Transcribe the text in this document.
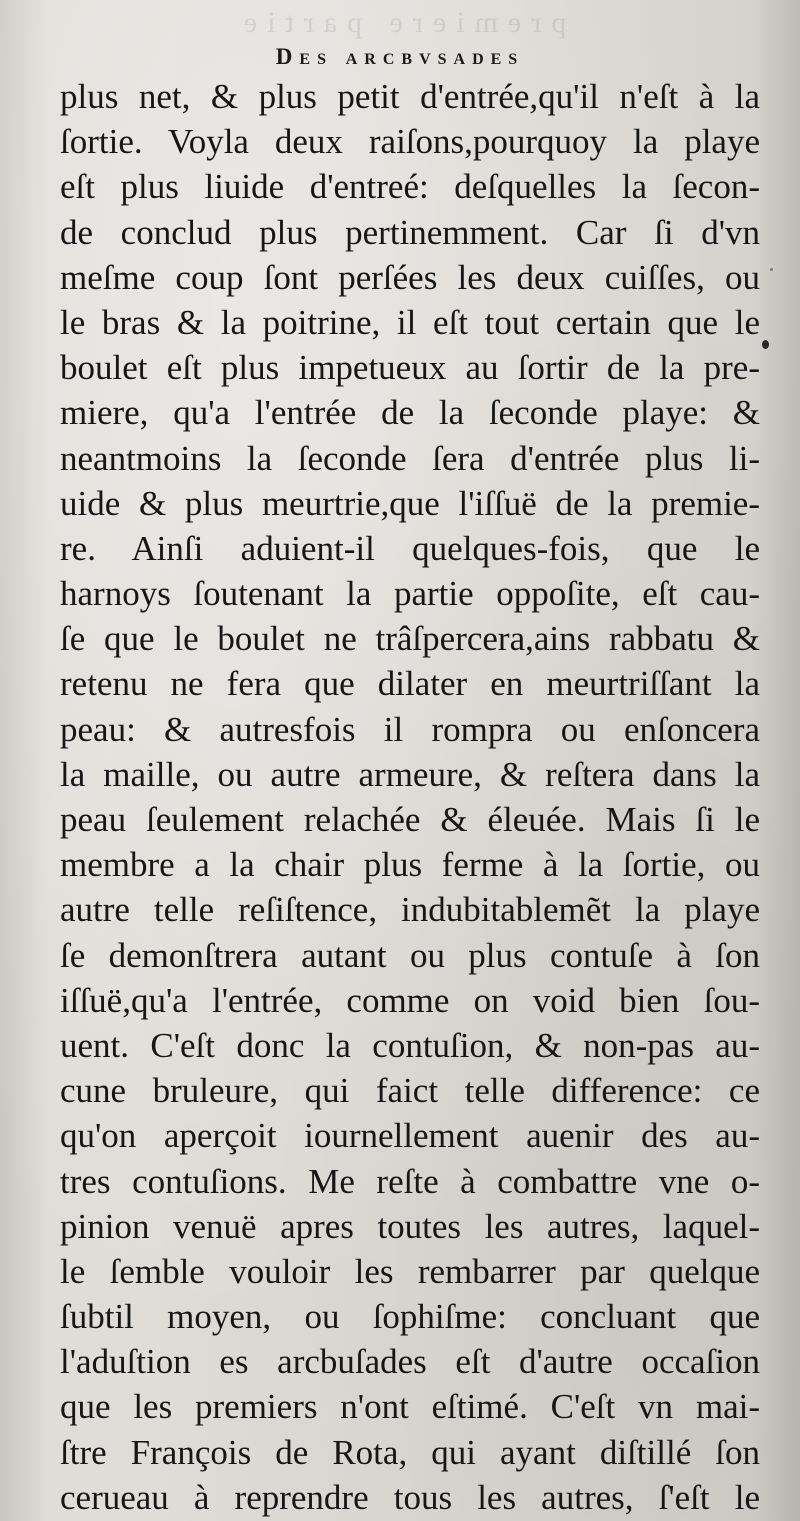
premiere partie
Des arcbvsades
plus net, & plus petit d'entrée,qu'il n'eſt à la
ſortie. Voyla deux raiſons,pourquoy la playe
eſt plus liuide d'entreé: deſquelles la ſecon-
de conclud plus pertinemment. Car ſi d'vn
meſme coup ſont perſées les deux cuiſſes, ou
le bras & la poitrine, il eſt tout certain que le
boulet eſt plus impetueux au ſortir de la pre-
miere, qu'a l'entrée de la ſeconde playe: &
neantmoins la ſeconde ſera d'entrée plus li-
uide & plus meurtrie,que l'iſſuë de la premie-
re. Ainſi aduient-il quelques-fois, que le
harnoys ſoutenant la partie oppoſite, eſt cau-
ſe que le boulet ne trâſpercera,ains rabbatu &
retenu ne fera que dilater en meurtriſſant la
peau: & autresfois il rompra ou enſoncera
la maille, ou autre armeure, & reſtera dans la
peau ſeulement relachée & éleuée. Mais ſi le
membre a la chair plus ferme à la ſortie, ou
autre telle reſiſtence, indubitablemẽt la playe
ſe demonſtrera autant ou plus contuſe à ſon
iſſuë,qu'a l'entrée, comme on void bien ſou-
uent. C'eſt donc la contuſion, & non-pas au-
cune bruleure, qui faict telle difference: ce
qu'on aperçoit iournellement auenir des au-
tres contuſions. Me reſte à combattre vne o-
pinion venuë apres toutes les autres, laquel-
le ſemble vouloir les rembarrer par quelque
ſubtil moyen, ou ſophiſme: concluant que
l'aduſtion es arcbuſades eſt d'autre occaſion
que les premiers n'ont eſtimé. C'eſt vn mai-
ſtre François de Rota, qui ayant diſtillé ſon
cerueau à reprendre tous les autres, ſ'eſt le
